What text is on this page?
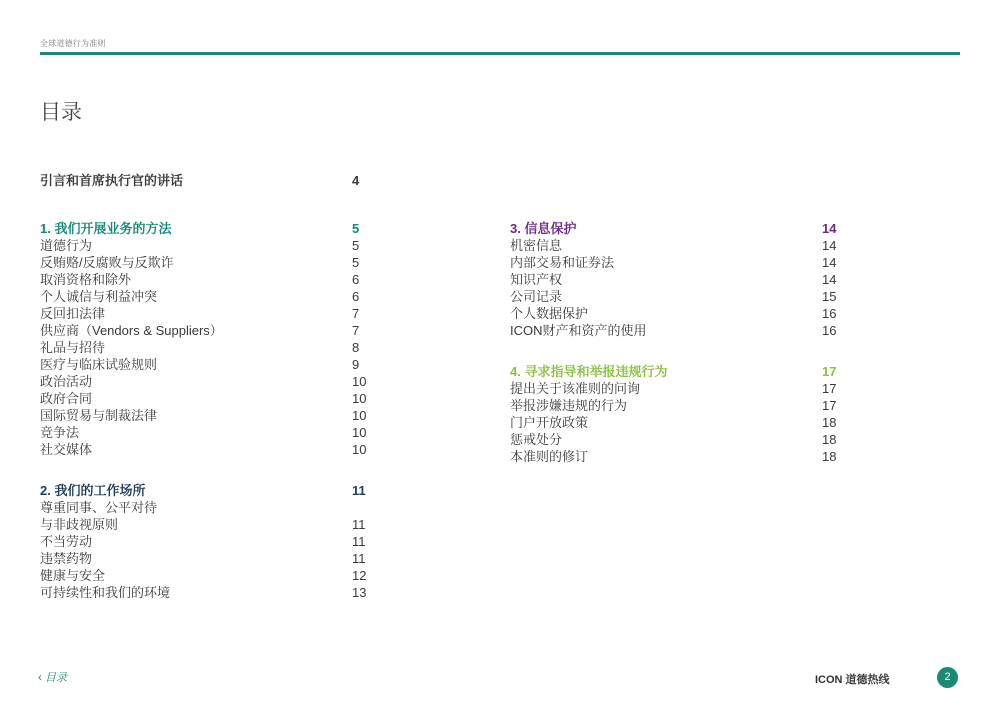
全球道德行为准则
目录
引言和首席执行官的讲话	4
1. 我们开展业务的方法	5
道德行为	5
反贿赂/反腐败与反欺诈	5
取消资格和除外	6
个人诚信与利益冲突	6
反回扣法律	7
供应商（Vendors & Suppliers）	7
礼品与招待	8
医疗与临床试验规则	9
政治活动	10
政府合同	10
国际贸易与制裁法律	10
竞争法	10
社交媒体	10
2. 我们的工作场所	11
尊重同事、公平对待
与非歧视原则	11
不当劳动	11
违禁药物	11
健康与安全	12
可持续性和我们的环境	13
3. 信息保护	14
机密信息	14
内部交易和证券法	14
知识产权	14
公司记录	15
个人数据保护	16
ICON财产和资产的使用	16
4. 寻求指导和举报违规行为	17
提出关于该准则的问询	17
举报涉嫌违规的行为	17
门户开放政策	18
惩戒处分	18
本准则的修订	18
‹ 目录	ICON 道德热线	2
